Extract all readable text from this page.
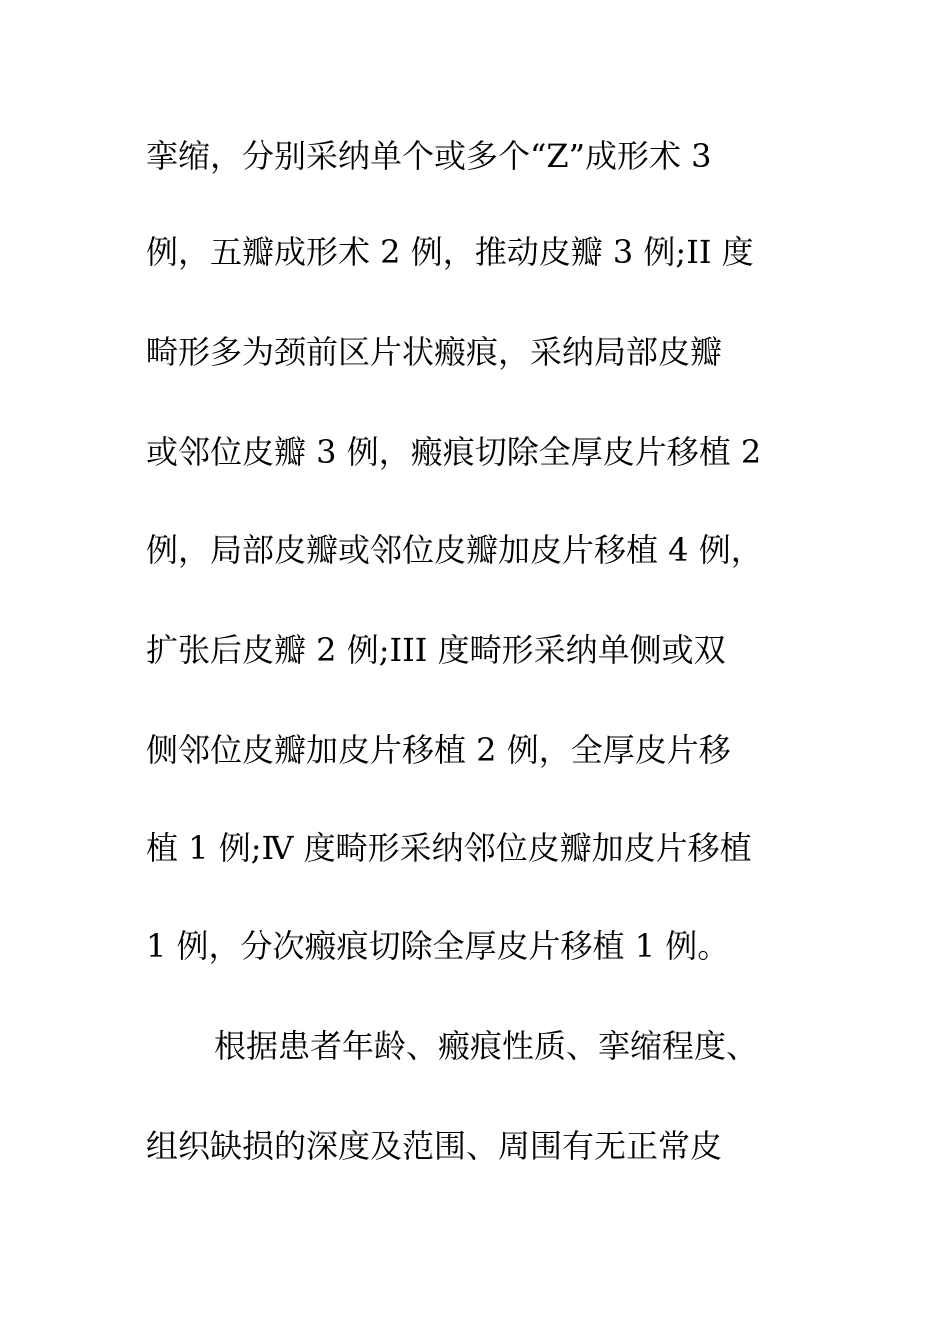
挛缩，分别采纳单个或多个“Z”成形术 3
例，五瓣成形术 2 例，推动皮瓣 3 例;II 度
畸形多为颈前区片状瘢痕，采纳局部皮瓣
或邻位皮瓣 3 例，瘢痕切除全厚皮片移植 2
例，局部皮瓣或邻位皮瓣加皮片移植 4 例，
扩张后皮瓣 2 例;III 度畸形采纳单侧或双
侧邻位皮瓣加皮片移植 2 例，全厚皮片移
植 1 例;Ⅳ 度畸形采纳邻位皮瓣加皮片移植
1 例，分次瘢痕切除全厚皮片移植 1 例。
根据患者年龄、瘢痕性质、挛缩程度、
组织缺损的深度及范围、周围有无正常皮
